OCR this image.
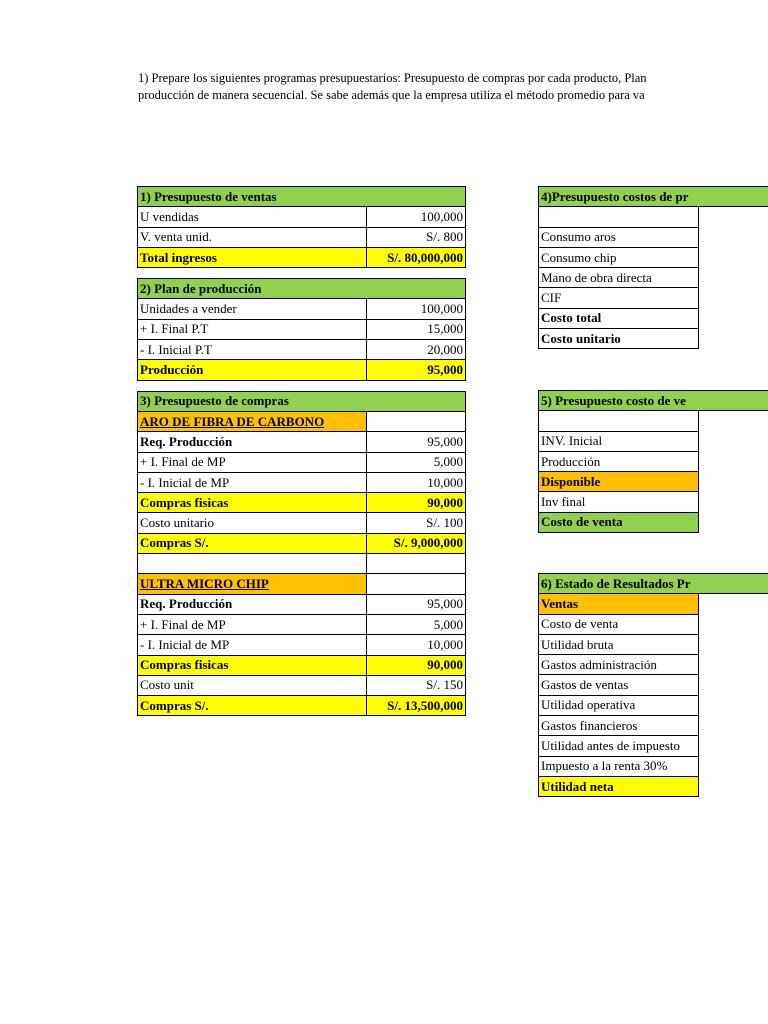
1) Prepare los siguientes programas presupuestarios: Presupuesto de compras por cada producto, Plan
producción de manera secuencial. Se sabe además que la empresa utiliza el método promedio para va
1) Presupuesto de ventas	
U vendidas	100,000
V. venta unid.	S/. 800
Total ingresos	S/. 80,000,000

2) Plan de producción	
Unidades a vender	100,000
+ I. Final P.T	15,000
- I. Inicial P.T	20,000
Producción	95,000

3) Presupuesto de compras	
ARO DE FIBRA DE CARBONO	
Req. Producción	95,000
+ I. Final de MP	5,000
- I. Inicial de MP	10,000
Compras fisicas	90,000
Costo unitario	S/. 100
Compras S/.	S/. 9,000,000

ULTRA MICRO CHIP	
Req. Producción	95,000
+ I. Final de MP	5,000
- I. Inicial de MP	10,000
Compras fisicas	90,000
Costo unit	S/. 150
Compras S/.	S/. 13,500,000
4)Presupuesto costos de pr

Consumo aros
Consumo chip
Mano de obra directa
CIF
Costo total
Costo unitario
5) Presupuesto costo de ve

INV. Inicial
Producción
Disponible
Inv final
Costo de venta
6) Estado de Resultados Pr
Ventas
Costo de venta
Utilidad bruta
Gastos administración
Gastos de ventas
Utilidad operativa
Gastos financieros
Utilidad antes de impuesto
Impuesto a la renta 30%
Utilidad neta
